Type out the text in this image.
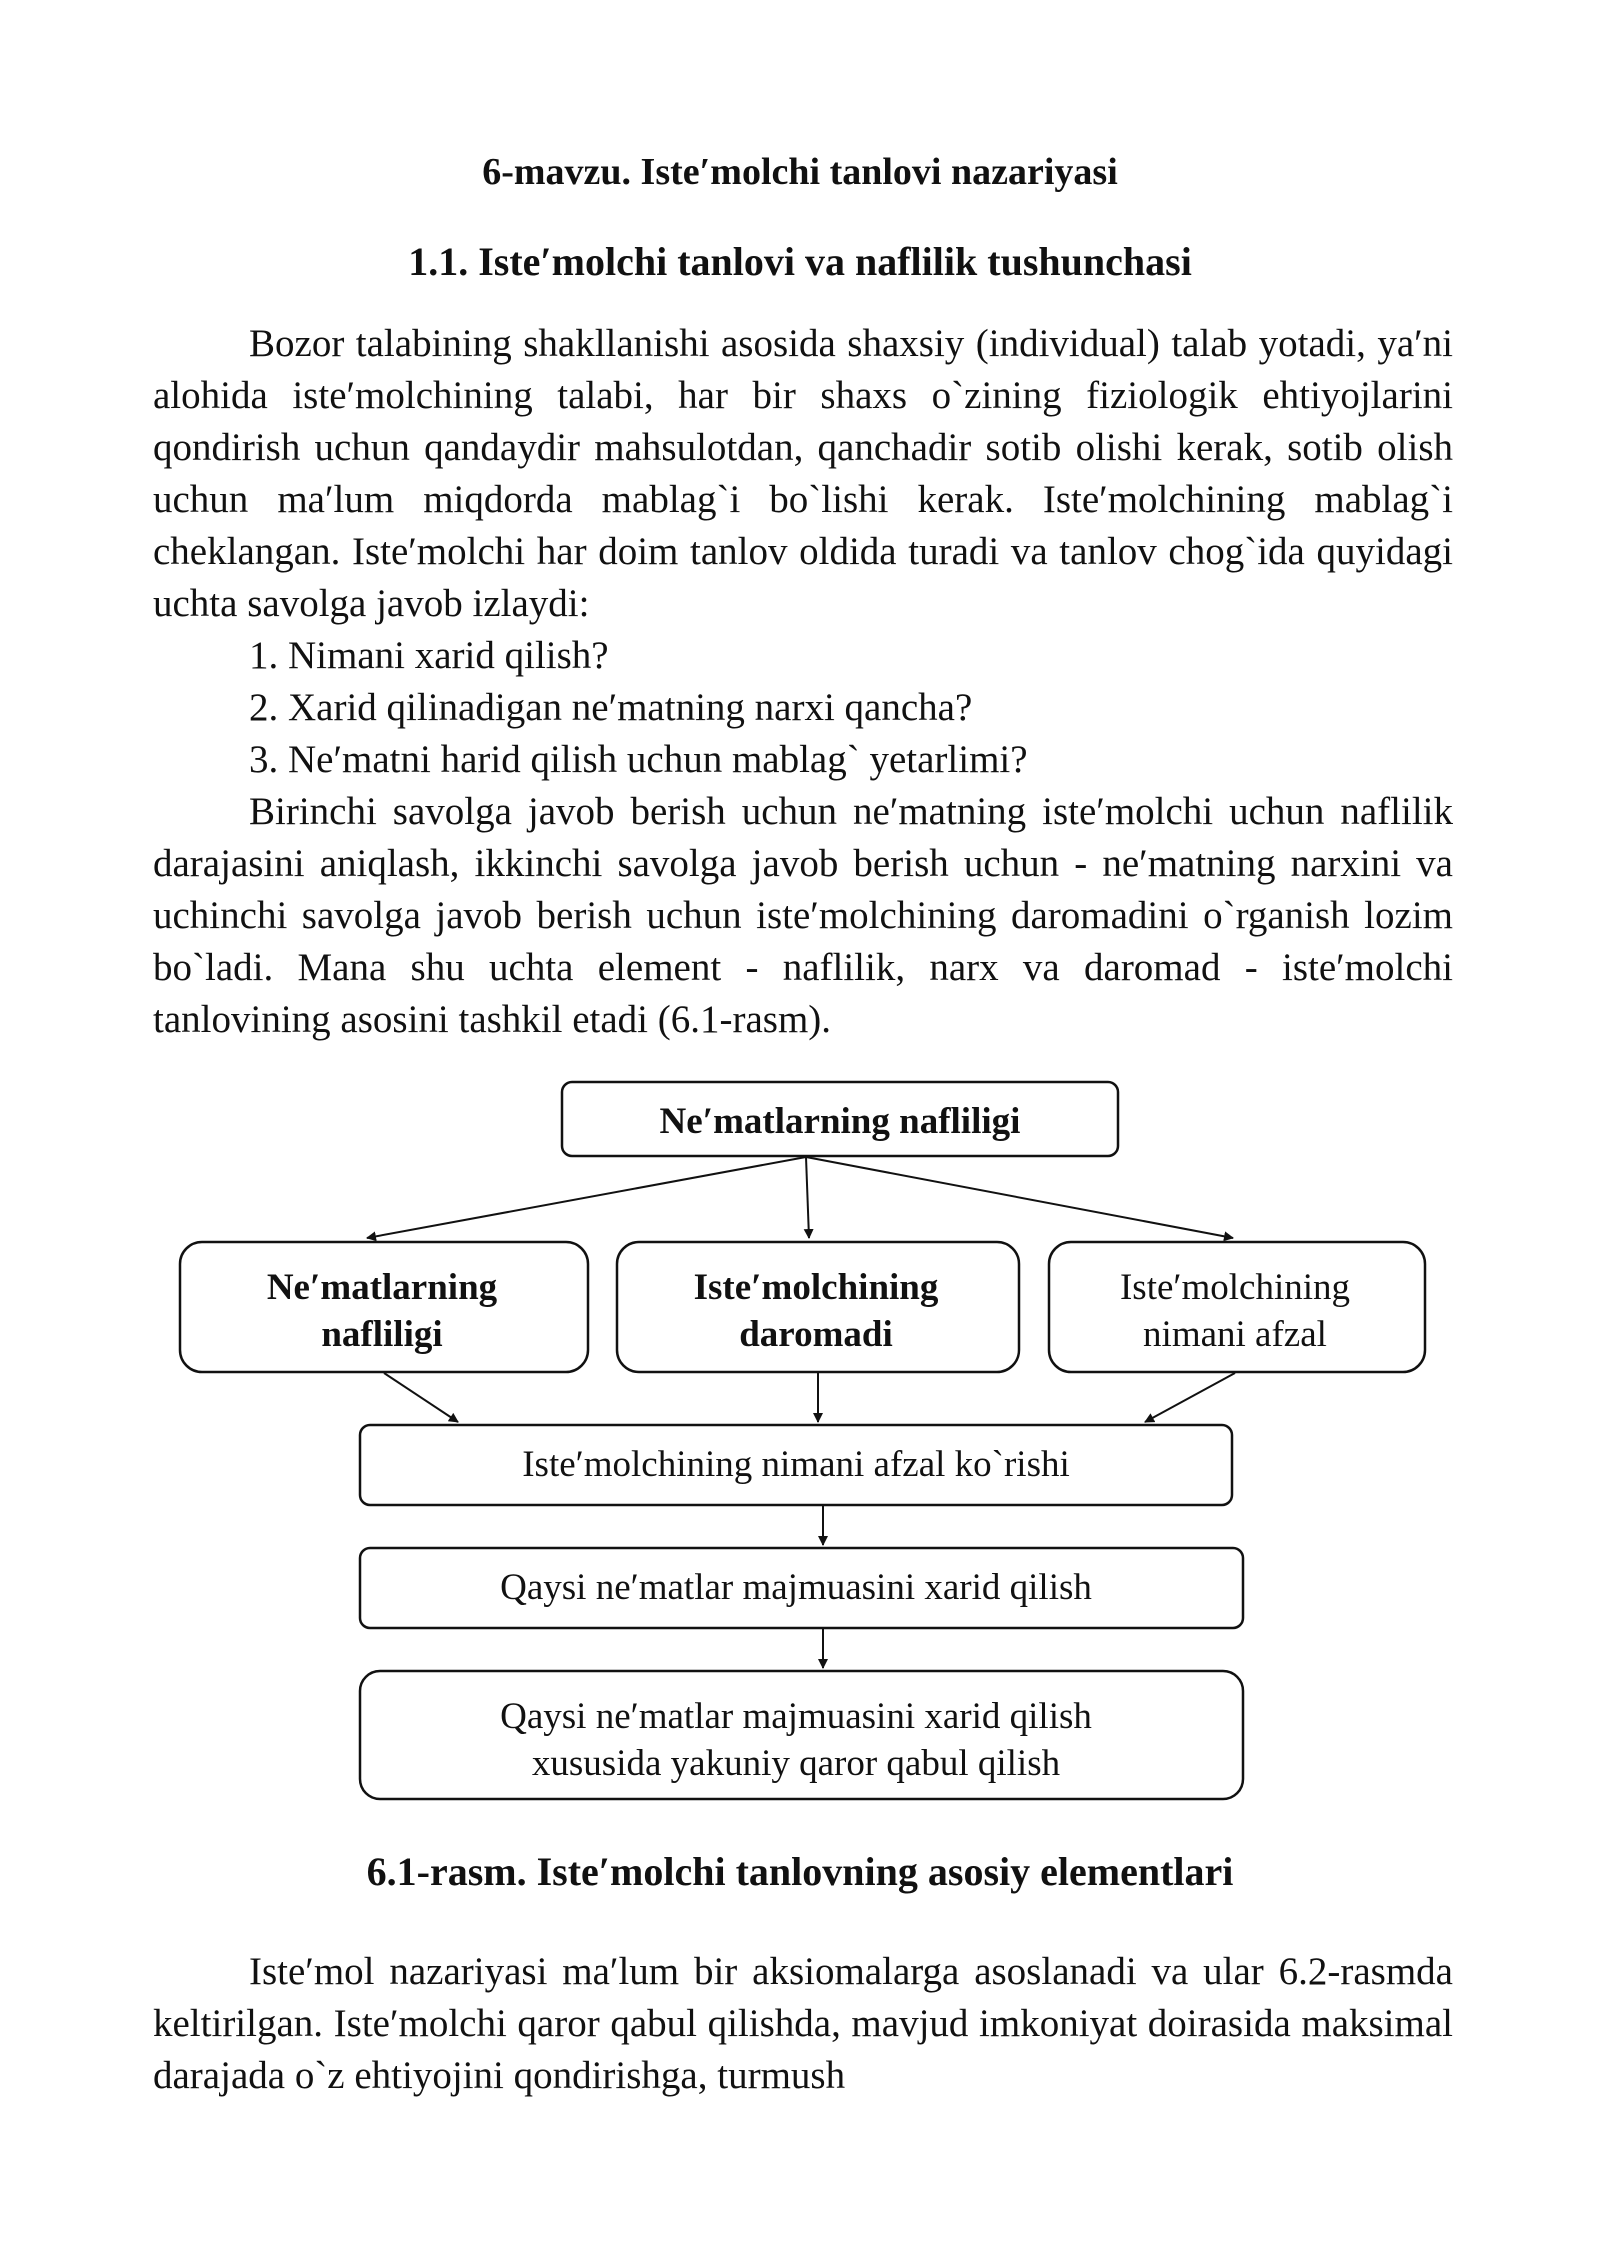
6-mavzu. Iste′molchi tanlovi nazariyasi
1.1. Iste′molchi tanlovi va naflilik tushunchasi

Bozor talabining shakllanishi asosida shaxsiy (individual) talab yotadi, ya′ni alohida iste′molchining talabi, har bir shaxs o`zining fiziologik ehtiyojlarini qondirish uchun qandaydir mahsulotdan, qanchadir sotib olishi kerak, sotib olish uchun ma′lum miqdorda mablag`i bo`lishi kerak. Iste′molchining mablag`i cheklangan. Iste′molchi har doim tanlov oldida turadi va tanlov chog`ida quyidagi uchta savolga javob izlaydi:

1. Nimani xarid qilish?
2. Xarid qilinadigan ne′matning narxi qancha?
3. Ne′matni harid qilish uchun mablag` yetarlimi?
Birinchi savolga javob berish uchun ne′matning iste′molchi uchun naflilik darajasini aniqlash, ikkinchi savolga javob berish uchun - ne′matning narxini va uchinchi savolga javob berish uchun iste′molchining daromadini o`rganish lozim bo`ladi. Mana shu uchta element - naflilik, narx va daromad - iste′molchi tanlovining asosini tashkil etadi (6.1-rasm).
Ne′matlarning nafliligi
Ne′matlarning
nafliligi
Iste′molchining
daromadi
Iste′molchining
nimani afzal
Iste′molchining nimani afzal ko`rishi
Qaysi ne′matlar majmuasini xarid qilish
Qaysi ne′matlar majmuasini xarid qilish
xususida yakuniy qaror qabul qilish
6.1-rasm. Iste′molchi tanlovning asosiy elementlari

Iste′mol nazariyasi ma′lum bir aksiomalarga asoslanadi va ular 6.2-rasmda keltirilgan. Iste′molchi qaror qabul qilishda, mavjud imkoniyat doirasida maksimal darajada o`z ehtiyojini qondirishga, turmush
